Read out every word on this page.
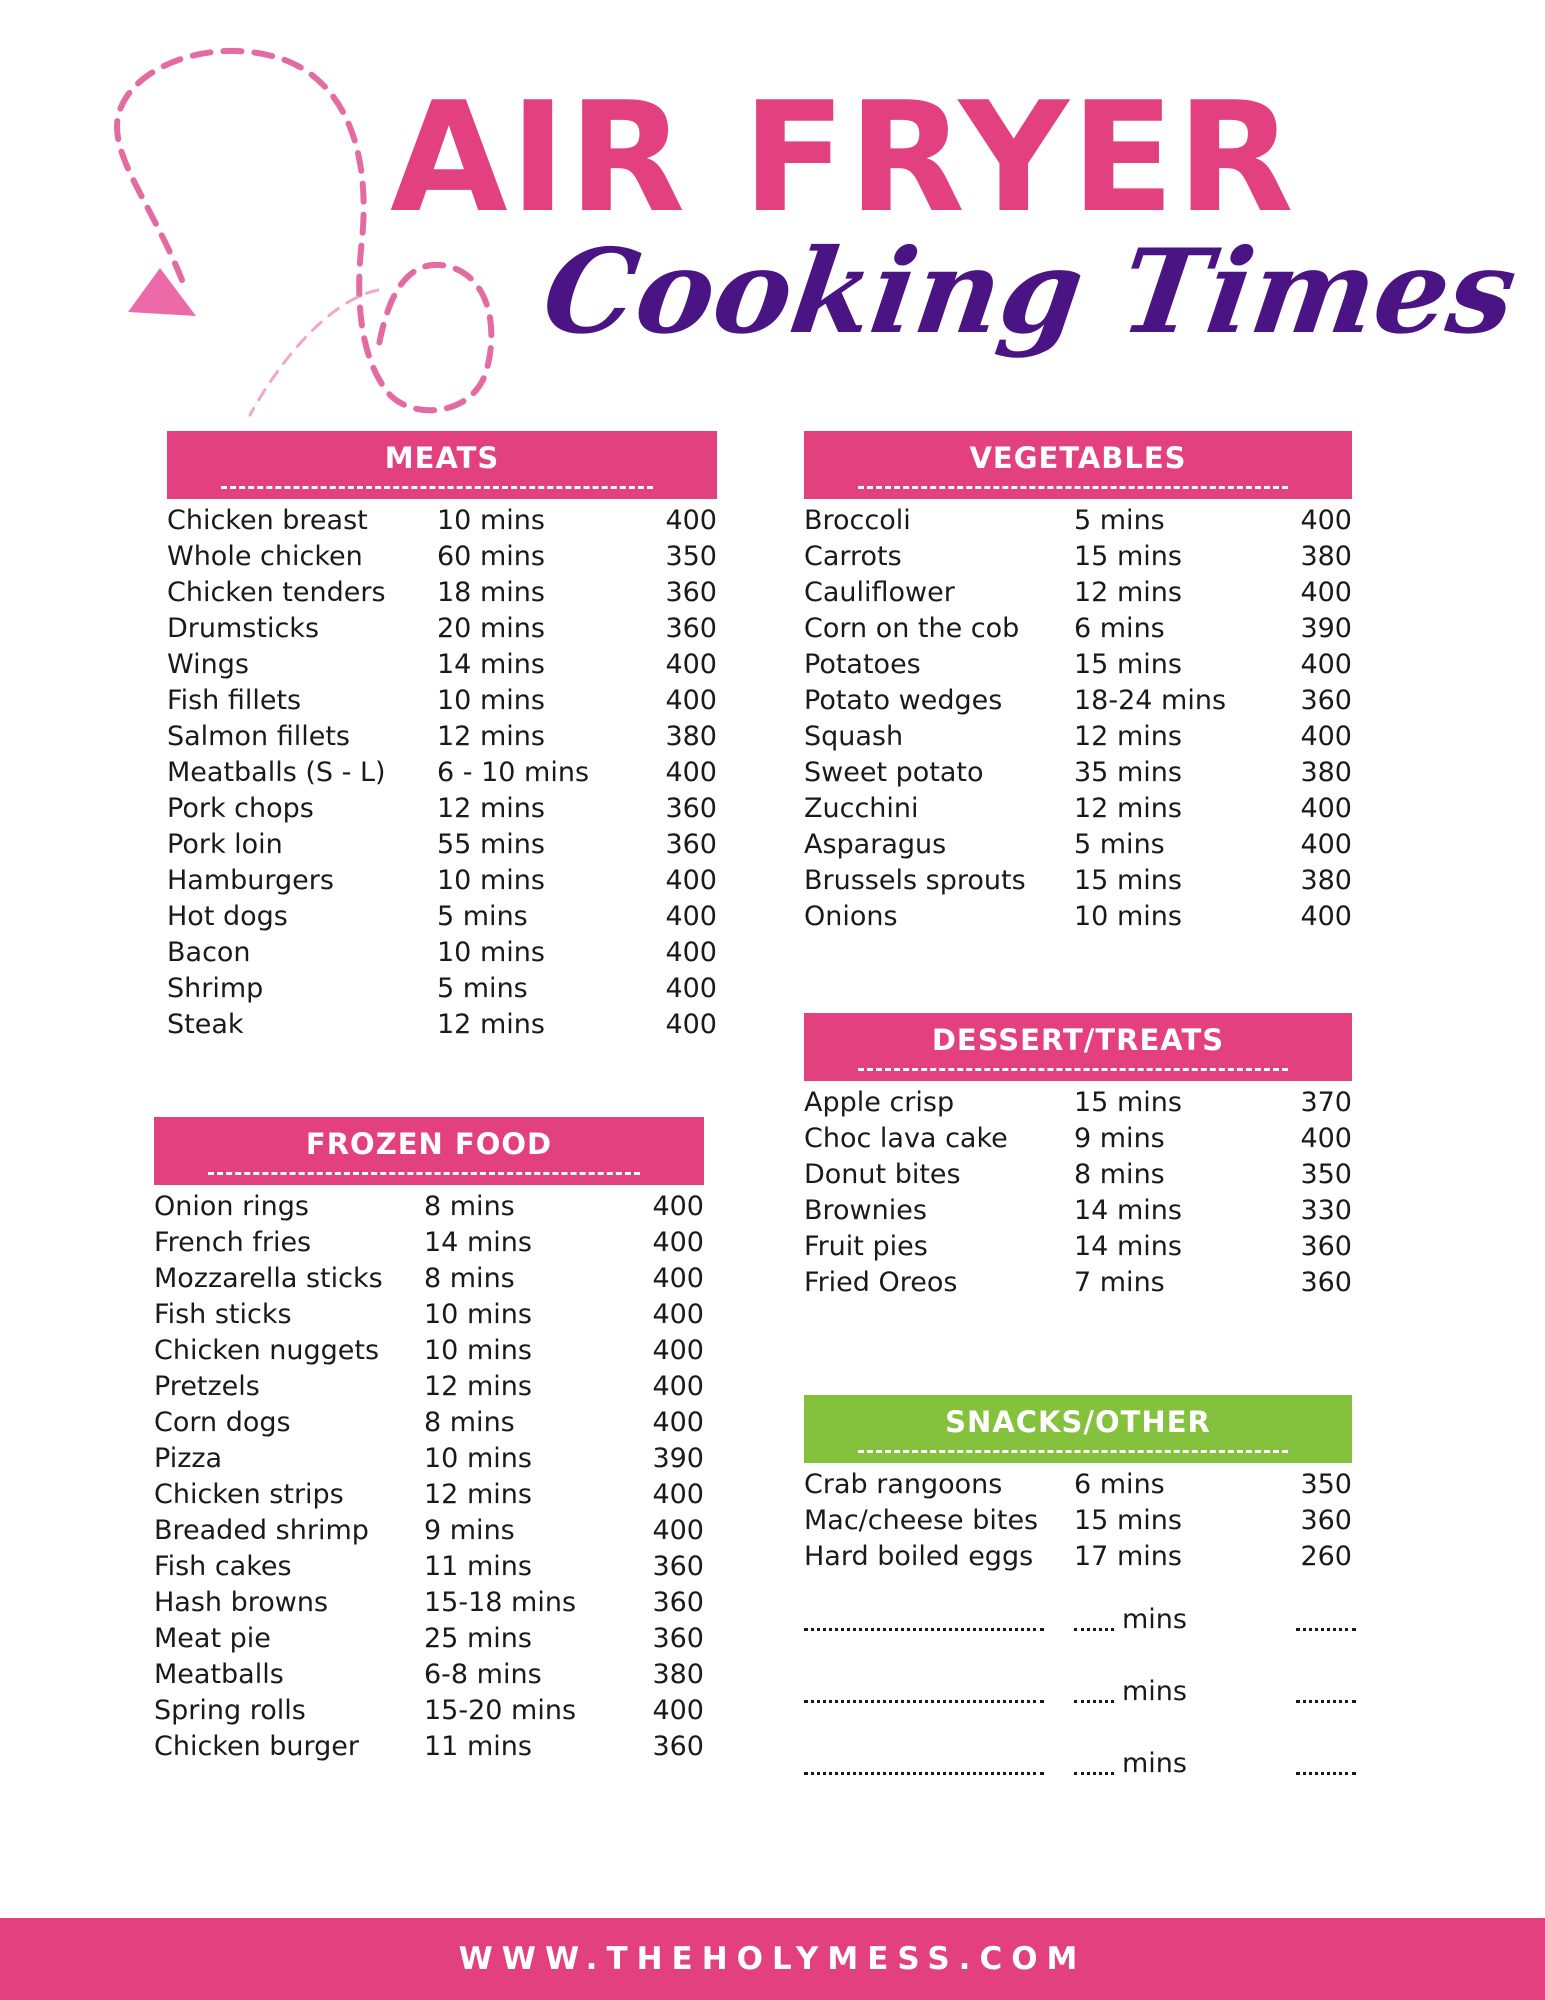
AIR FRYER
Cooking Times
MEATS
Chicken breast	10 mins	400
Whole chicken	60 mins	350
Chicken tenders 18 mins	360
Drumsticks	20 mins	360
Wings	14 mins	400
Fish fillets	10 mins	400
Salmon fillets	12 mins	380
Meatballs (S - L) 6 - 10 mins	400
Pork chops	12 mins	360
Pork loin	55 mins	360
Hamburgers	10 mins	400
Hot dogs	5 mins	400
Bacon	10 mins	400
Shrimp	5 mins	400
Steak	12 mins	400
FROZEN FOOD
Onion rings	8 mins	400
French fries	14 mins	400
Mozzarella sticks 8 mins	400
Fish sticks	10 mins	400
Chicken nuggets 10 mins	400
Pretzels	12 mins	400
Corn dogs	8 mins	400
Pizza	10 mins	390
Chicken strips	12 mins	400
Breaded shrimp 9 mins	400
Fish cakes	11 mins	360
Hash browns	15-18 mins	360
Meat pie	25 mins	360
Meatballs	6-8 mins	380
Spring rolls	15-20 mins	400
Chicken burger 11 mins	360
VEGETABLES
Broccoli	5 mins	400
Carrots	15 mins	380
Cauliflower	12 mins	400
Corn on the cob 6 mins	390
Potatoes	15 mins	400
Potato wedges	18-24 mins	360
Squash	12 mins	400
Sweet potato	35 mins	380
Zucchini	12 mins	400
Asparagus	5 mins	400
Brussels sprouts 15 mins	380
Onions	10 mins	400
DESSERT/TREATS
Apple crisp	15 mins	370
Choc lava cake 9 mins	400
Donut bites	8 mins	350
Brownies	14 mins	330
Fruit pies	14 mins	360
Fried Oreos	7 mins	360
SNACKS/OTHER
Crab rangoons	6 mins	350
Mac/cheese bites 15 mins	360
Hard boiled eggs 17 mins	260
mins
mins
mins
WWW.THEHOLYMESS.COM
